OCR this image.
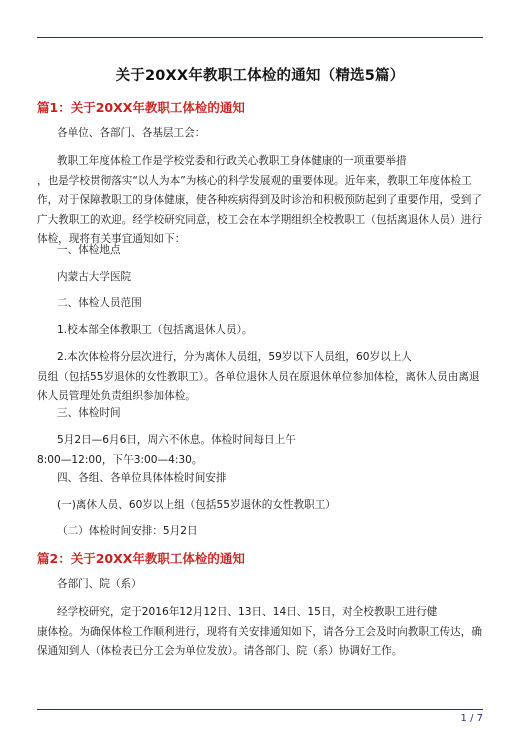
关于20XX年教职工体检的通知（精选5篇）
篇1：关于20XX年教职工体检的通知

各单位、各部门、各基层工会：

教职工年度体检工作是学校党委和行政关心教职工身体健康的一项重要举措
，也是学校贯彻落实“以人为本”为核心的科学发展观的重要体现。近年来，教职工年度体检工
作，对于保障教职工的身体健康，使各种疾病得到及时诊治和积极预防起到了重要作用，受到了
广大教职工的欢迎。经学校研究同意，校工会在本学期组织全校教职工（包括离退休人员）进行
体检，现将有关事宜通知如下：

一、体检地点

内蒙古大学医院

二、体检人员范围

1.校本部全体教职工（包括离退休人员）。

2.本次体检将分层次进行，分为离休人员组，59岁以下人员组，60岁以上人
员组（包括55岁退休的女性教职工）。各单位退休人员在原退休单位参加体检，离休人员由离退
休人员管理处负责组织参加体检。

三、体检时间

5月2日—6月6日，周六不休息。体检时间每日上午
8:00—12:00，下午3:00—4:30。

四、各组、各单位具体体检时间安排

(一)离休人员、60岁以上组（包括55岁退休的女性教职工）

（二）体检时间安排：5月2日

篇2：关于20XX年教职工体检的通知

各部门、院（系）

经学校研究，定于2016年12月12日、13日、14日、15日，对全校教职工进行健
康体检。为确保体检工作顺利进行，现将有关安排通知如下，请各分工会及时向教职工传达，确
保通知到人（体检表已分工会为单位发放）。请各部门、院（系）协调好工作。

1 / 7
